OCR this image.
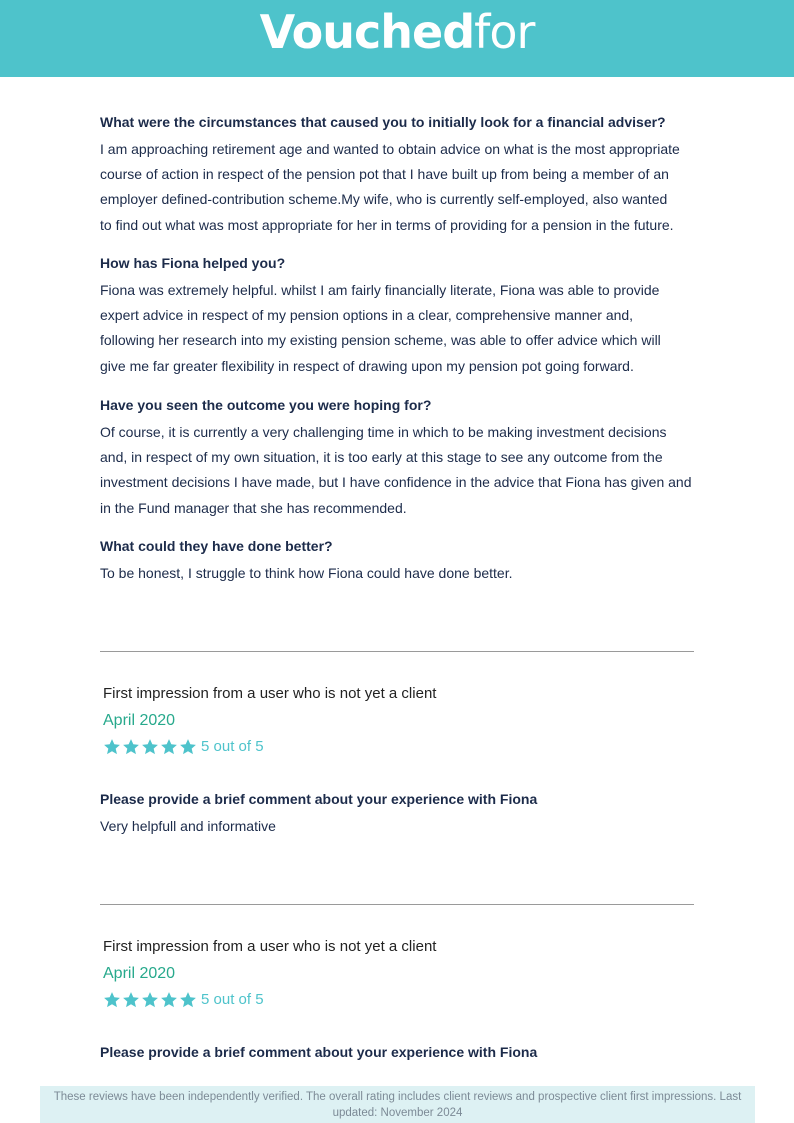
Vouchedfor
What were the circumstances that caused you to initially look for a financial adviser?
I am approaching retirement age and wanted to obtain advice on what is the most appropriate
course of action in respect of the pension pot that I have built up from being a member of an
employer defined-contribution scheme.My wife, who is currently self-employed, also wanted
to find out what was most appropriate for her in terms of providing for a pension in the future.
How has Fiona helped you?
Fiona was extremely helpful. whilst I am fairly financially literate, Fiona was able to provide
expert advice in respect of my pension options in a clear, comprehensive manner and,
following her research into my existing pension scheme, was able to offer advice which will
give me far greater flexibility in respect of drawing upon my pension pot going forward.
Have you seen the outcome you were hoping for?
Of course, it is currently a very challenging time in which to be making investment decisions
and, in respect of my own situation, it is too early at this stage to see any outcome from the
investment decisions I have made, but I have confidence in the advice that Fiona has given and
in the Fund manager that she has recommended.
What could they have done better?
To be honest, I struggle to think how Fiona could have done better.
First impression from a user who is not yet a client
April 2020
5 out of 5
Please provide a brief comment about your experience with Fiona
Very helpfull and informative
First impression from a user who is not yet a client
April 2020
5 out of 5
Please provide a brief comment about your experience with Fiona
These reviews have been independently verified. The overall rating includes client reviews and prospective client first impressions. Last
updated: November 2024
